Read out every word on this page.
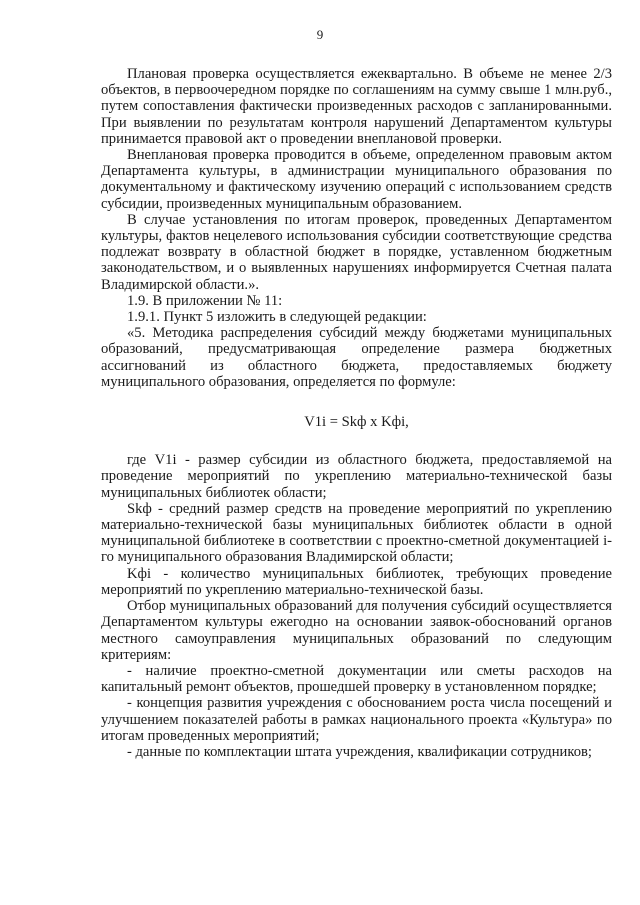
9

Плановая проверка осуществляется ежеквартально. В объеме не менее 2/3 объектов, в первоочередном порядке по соглашениям на сумму свыше 1 млн.руб., путем сопоставления фактически произведенных расходов с запланированными. При выявлении по результатам контроля нарушений Департаментом культуры принимается правовой акт о проведении внеплановой проверки.

Внеплановая проверка проводится в объеме, определенном правовым актом Департамента культуры, в администрации муниципального образования по документальному и фактическому изучению операций с использованием средств субсидии, произведенных муниципальным образованием.

В случае установления по итогам проверок, проведенных Департаментом культуры, фактов нецелевого использования субсидии соответствующие средства подлежат возврату в областной бюджет в порядке, уставленном бюджетным законодательством, и о выявленных нарушениях информируется Счетная палата Владимирской области.».

1.9. В приложении № 11:

1.9.1. Пункт 5 изложить в следующей редакции:

«5. Методика распределения субсидий между бюджетами муниципальных образований, предусматривающая определение размера бюджетных ассигнований из областного бюджета, предоставляемых бюджету муниципального образования, определяется по формуле:

V1i = Skф x Kфi,

где V1i - размер субсидии из областного бюджета, предоставляемой на проведение мероприятий по укреплению материально-технической базы муниципальных библиотек области;

Skф - средний размер средств на проведение мероприятий по укреплению материально-технической базы муниципальных библиотек области в одной муниципальной библиотеке в соответствии с проектно-сметной документацией i-го муниципального образования Владимирской области;

Kфi - количество муниципальных библиотек, требующих проведение мероприятий по укреплению материально-технической базы.

Отбор муниципальных образований для получения субсидий осуществляется Департаментом культуры ежегодно на основании заявок-обоснований органов местного самоуправления муниципальных образований по следующим критериям:

- наличие проектно-сметной документации или сметы расходов на капитальный ремонт объектов, прошедшей проверку в установленном порядке;

- концепция развития учреждения с обоснованием роста числа посещений и улучшением показателей работы в рамках национального проекта «Культура» по итогам проведенных мероприятий;

- данные по комплектации штата учреждения, квалификации сотрудников;
